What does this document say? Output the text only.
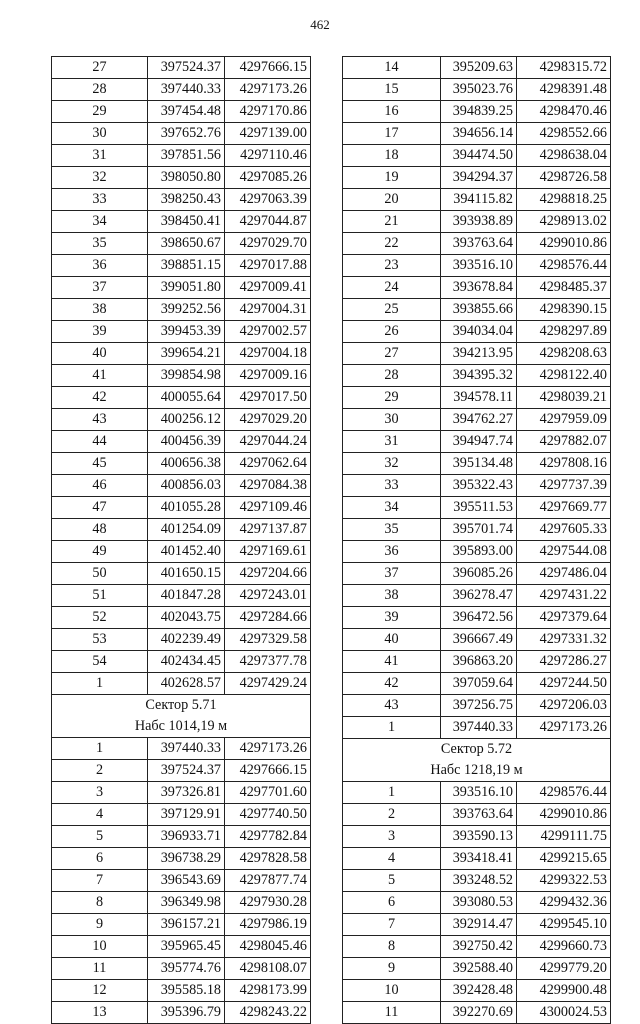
462
27	397524.37	4297666.15
28	397440.33	4297173.26
29	397454.48	4297170.86
30	397652.76	4297139.00
31	397851.56	4297110.46
32	398050.80	4297085.26
33	398250.43	4297063.39
34	398450.41	4297044.87
35	398650.67	4297029.70
36	398851.15	4297017.88
37	399051.80	4297009.41
38	399252.56	4297004.31
39	399453.39	4297002.57
40	399654.21	4297004.18
41	399854.98	4297009.16
42	400055.64	4297017.50
43	400256.12	4297029.20
44	400456.39	4297044.24
45	400656.38	4297062.64
46	400856.03	4297084.38
47	401055.28	4297109.46
48	401254.09	4297137.87
49	401452.40	4297169.61
50	401650.15	4297204.66
51	401847.28	4297243.01
52	402043.75	4297284.66
53	402239.49	4297329.58
54	402434.45	4297377.78
1	402628.57	4297429.24
Сектор 5.71		
Набс 1014,19 м		
1	397440.33	4297173.26
2	397524.37	4297666.15
3	397326.81	4297701.60
4	397129.91	4297740.50
5	396933.71	4297782.84
6	396738.29	4297828.58
7	396543.69	4297877.74
8	396349.98	4297930.28
9	396157.21	4297986.19
10	395965.45	4298045.46
11	395774.76	4298108.07
12	395585.18	4298173.99
13	395396.79	4298243.22
14	395209.63	4298315.72
15	395023.76	4298391.48
16	394839.25	4298470.46
17	394656.14	4298552.66
18	394474.50	4298638.04
19	394294.37	4298726.58
20	394115.82	4298818.25
21	393938.89	4298913.02
22	393763.64	4299010.86
23	393516.10	4298576.44
24	393678.84	4298485.37
25	393855.66	4298390.15
26	394034.04	4298297.89
27	394213.95	4298208.63
28	394395.32	4298122.40
29	394578.11	4298039.21
30	394762.27	4297959.09
31	394947.74	4297882.07
32	395134.48	4297808.16
33	395322.43	4297737.39
34	395511.53	4297669.77
35	395701.74	4297605.33
36	395893.00	4297544.08
37	396085.26	4297486.04
38	396278.47	4297431.22
39	396472.56	4297379.64
40	396667.49	4297331.32
41	396863.20	4297286.27
42	397059.64	4297244.50
43	397256.75	4297206.03
1	397440.33	4297173.26
Сектор 5.72		
Набс 1218,19 м		
1	393516.10	4298576.44
2	393763.64	4299010.86
3	393590.13	4299111.75
4	393418.41	4299215.65
5	393248.52	4299322.53
6	393080.53	4299432.36
7	392914.47	4299545.10
8	392750.42	4299660.73
9	392588.40	4299779.20
10	392428.48	4299900.48
11	392270.69	4300024.53
